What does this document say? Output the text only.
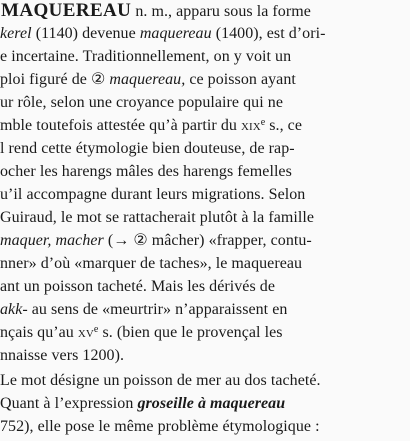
MAQUEREAU n. m., apparu sous la forme
kerel (1140) devenue maquereau (1400), est d’ori-
e incertaine. Traditionnellement, on y voit un
ploi figuré de ② maquereau, ce poisson ayant
ur rôle, selon une croyance populaire qui ne
mble toutefois attestée qu’à partir du xix$^e$ s., ce
l rend cette étymologie bien douteuse, de rap-
ocher les harengs mâles des harengs femelles
u’il accompagne durant leurs migrations. Selon
Guiraud, le mot se rattacherait plutôt à la famille
maquer, macher (→ ② mâcher) «frapper, contu-
nner» d’où «marquer de taches», le maquereau
ant un poisson tacheté. Mais les dérivés de
akk- au sens de «meurtrir» n’apparaissent en
nçais qu’au $xv^e$ s. (bien que le provençal les
nnaisse vers 1200).
Le mot désigne un poisson de mer au dos tacheté.
Quant à l’expression groseille à maquereau
752), elle pose le même problème étymologique :
